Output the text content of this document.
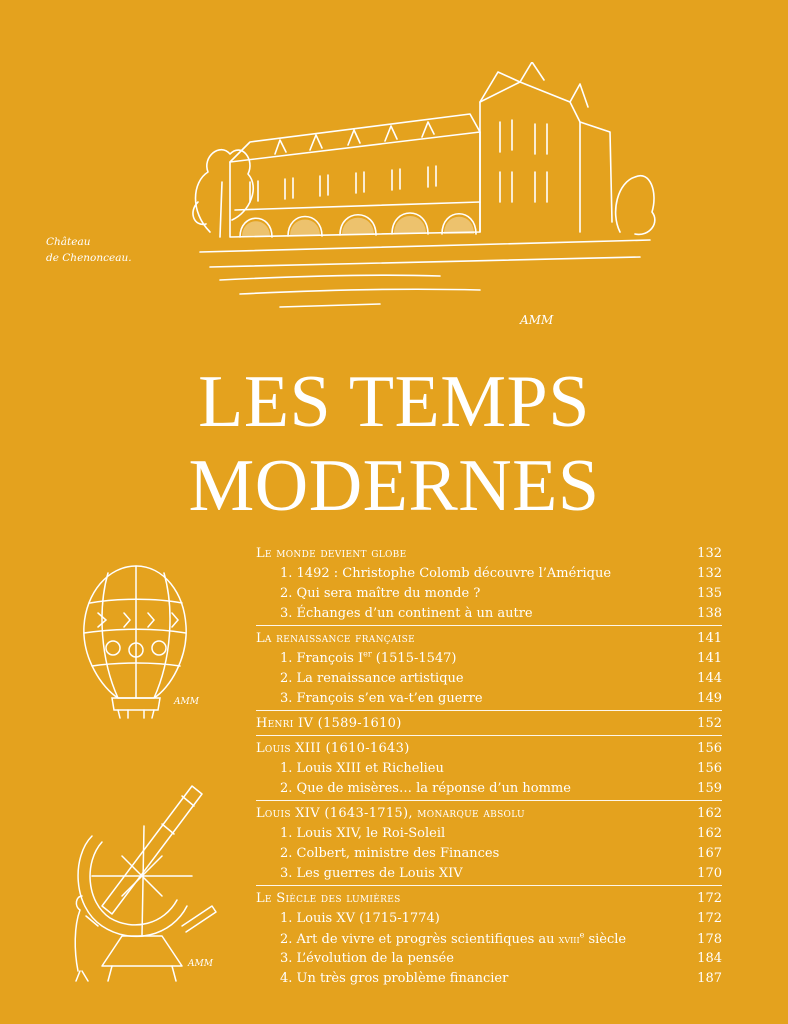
AMM
Château
de Chenonceau.
LES TEMPS
MODERNES
AMM
AMM
Le monde devient globe	132
1. 1492 : Christophe Colomb découvre l’Amérique	132
2. Qui sera maître du monde ?	135
3. Échanges d’un continent à un autre	138
La renaissance française	141
1. François Ier (1515-1547)	141
2. La renaissance artistique	144
3. François s’en va-t’en guerre	149
Henri IV (1589-1610)	152
Louis XIII (1610-1643)	156
1. Louis XIII et Richelieu	156
2. Que de misères… la réponse d’un homme	159
Louis XIV (1643-1715), monarque absolu	162
1. Louis XIV, le Roi-Soleil	162
2. Colbert, ministre des Finances	167
3. Les guerres de Louis XIV	170
Le Siècle des lumières	172
1. Louis XV (1715-1774)	172
2. Art de vivre et progrès scientifiques au xviii$^e$ siècle	178
3. L’évolution de la pensée	184
4. Un très gros problème financier	187
